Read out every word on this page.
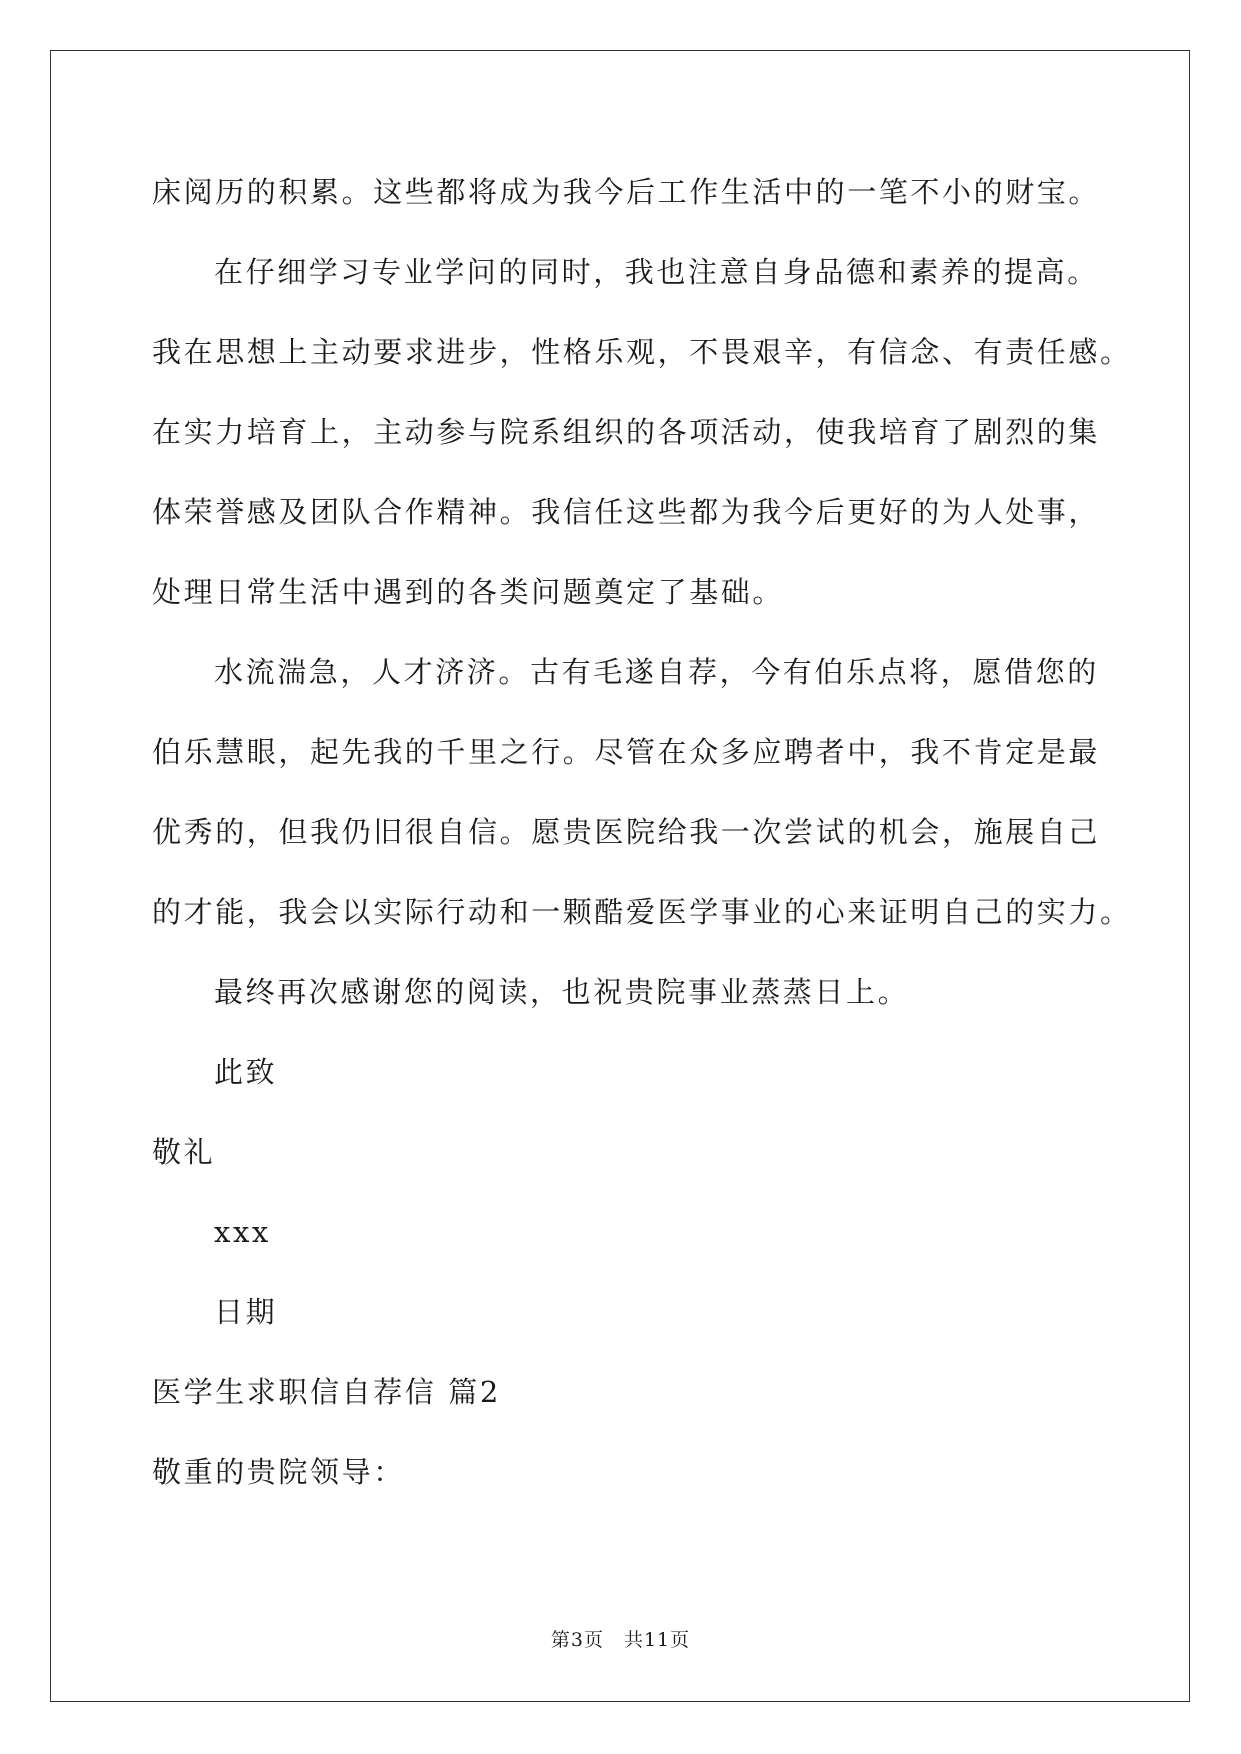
床阅历的积累。这些都将成为我今后工作生活中的一笔不小的财宝。
在仔细学习专业学问的同时，我也注意自身品德和素养的提高。
我在思想上主动要求进步，性格乐观，不畏艰辛，有信念、有责任感。
在实力培育上，主动参与院系组织的各项活动，使我培育了剧烈的集
体荣誉感及团队合作精神。我信任这些都为我今后更好的为人处事，
处理日常生活中遇到的各类问题奠定了基础。
水流湍急，人才济济。古有毛遂自荐，今有伯乐点将，愿借您的
伯乐慧眼，起先我的千里之行。尽管在众多应聘者中，我不肯定是最
优秀的，但我仍旧很自信。愿贵医院给我一次尝试的机会，施展自己
的才能，我会以实际行动和一颗酷爱医学事业的心来证明自己的实力。
最终再次感谢您的阅读，也祝贵院事业蒸蒸日上。
此致
敬礼
xxx
日期
医学生求职信自荐信 篇2
敬重的贵院领导：
第3页　共11页
